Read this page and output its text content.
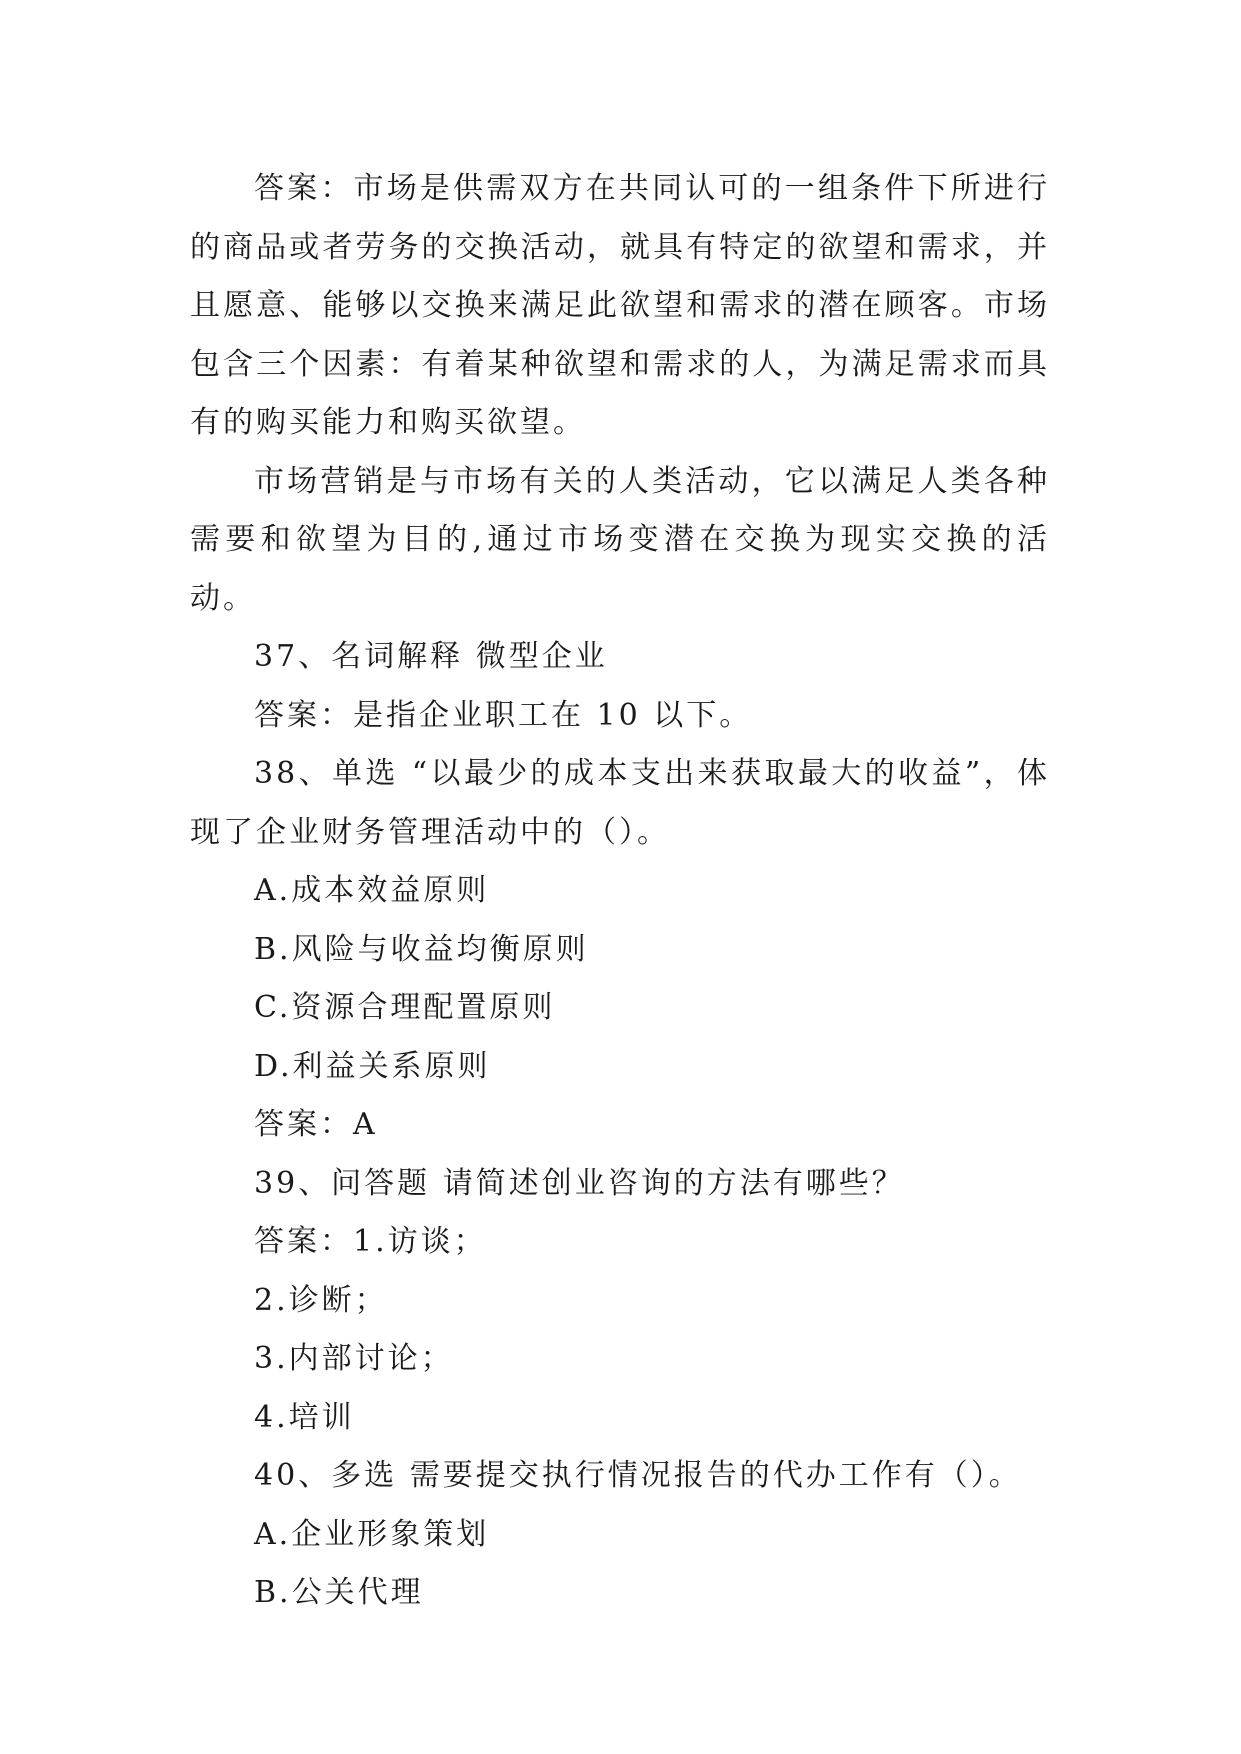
答案：市场是供需双方在共同认可的一组条件下所进行的商品或者劳务的交换活动，就具有特定的欲望和需求，并且愿意、能够以交换来满足此欲望和需求的潜在顾客。市场包含三个因素：有着某种欲望和需求的人，为满足需求而具有的购买能力和购买欲望。

市场营销是与市场有关的人类活动，它以满足人类各种需要和欲望为目的,通过市场变潜在交换为现实交换的活动。

37、名词解释 微型企业

答案：是指企业职工在 10 以下。

38、单选 “以最少的成本支出来获取最大的收益”，体现了企业财务管理活动中的（）。

A.成本效益原则

B.风险与收益均衡原则

C.资源合理配置原则

D.利益关系原则

答案：A

39、问答题 请简述创业咨询的方法有哪些？

答案：1.访谈；

2.诊断；

3.内部讨论；

4.培训

40、多选 需要提交执行情况报告的代办工作有（）。

A.企业形象策划

B.公关代理
